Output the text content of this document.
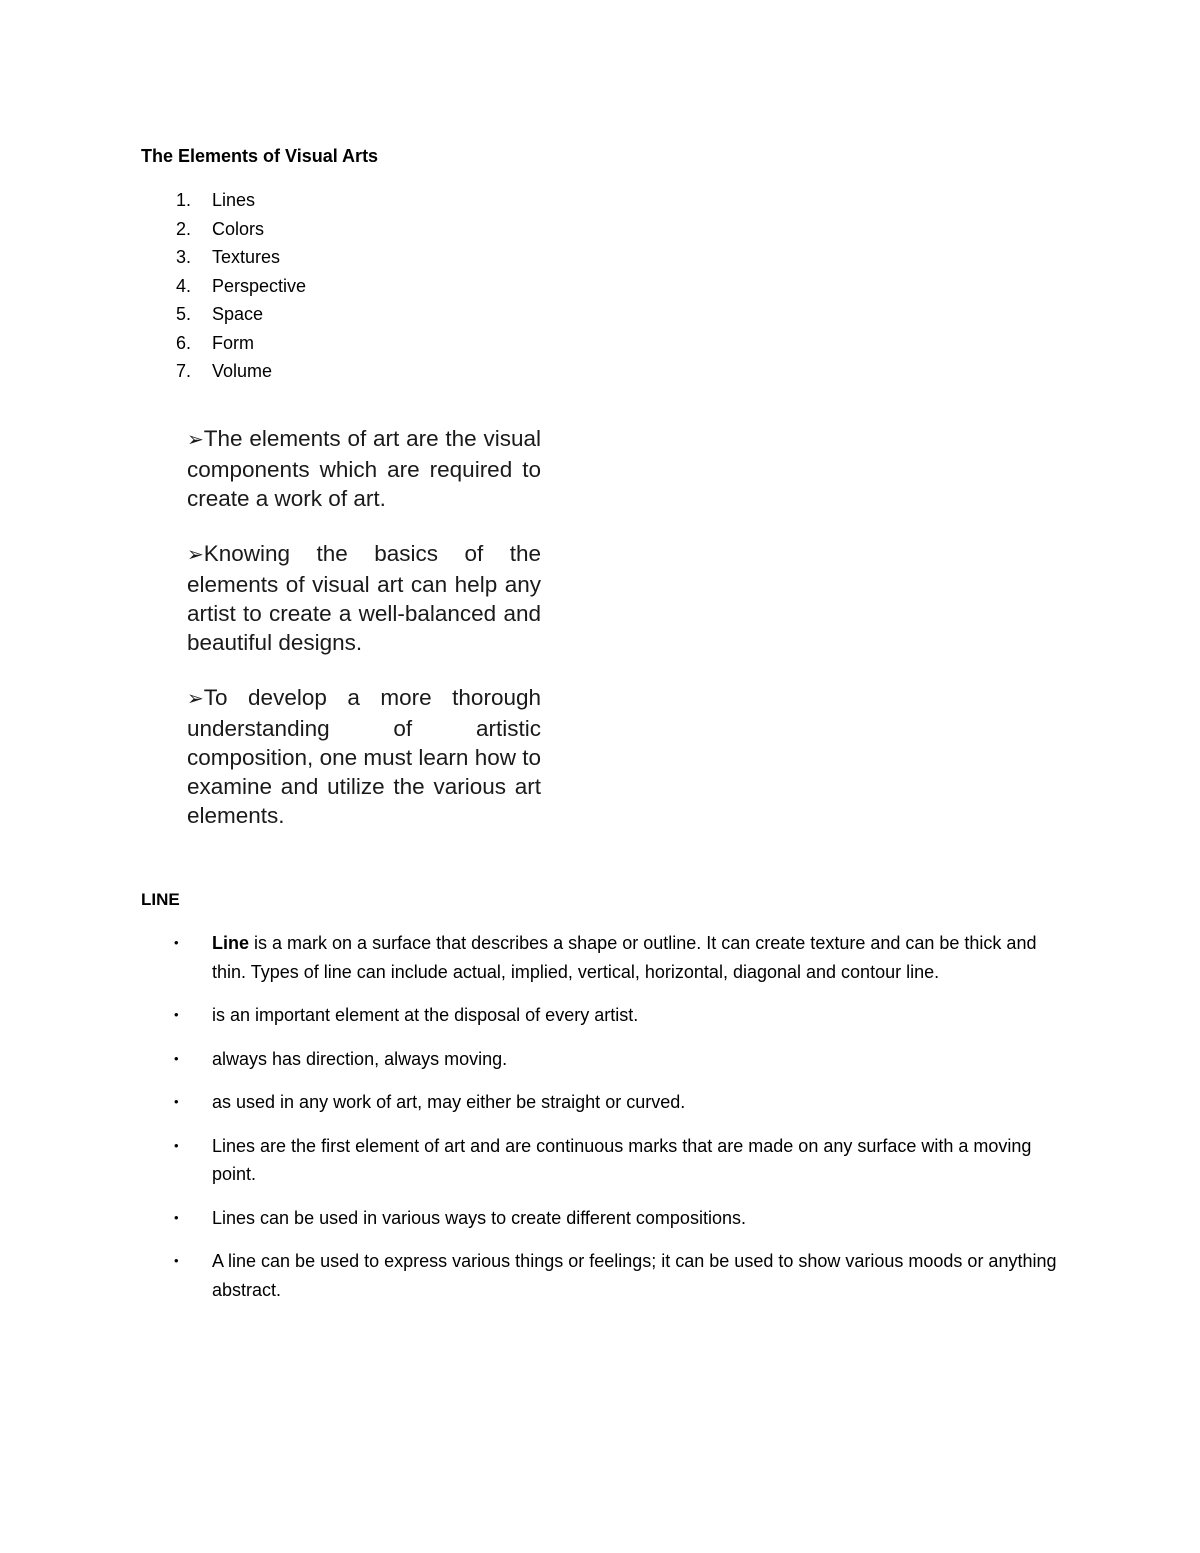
The Elements of Visual Arts
1.	Lines
2.	Colors
3.	Textures
4.	Perspective
5.	Space
6.	Form
7.	Volume

➢The elements of art are the visual components which are required to create a work of art.

➢Knowing the basics of the elements of visual art can help any artist to create a well-balanced and beautiful designs.

➢To develop a more thorough understanding of artistic composition, one must learn how to examine and utilize the various art elements.

LINE
• Line is a mark on a surface that describes a shape or outline. It can create texture and can be thick and thin. Types of line can include actual, implied, vertical, horizontal, diagonal and contour line.
• is an important element at the disposal of every artist.
• always has direction, always moving.
• as used in any work of art, may either be straight or curved.
• Lines are the first element of art and are continuous marks that are made on any surface with a moving point.
• Lines can be used in various ways to create different compositions.
• A line can be used to express various things or feelings; it can be used to show various moods or anything abstract.
